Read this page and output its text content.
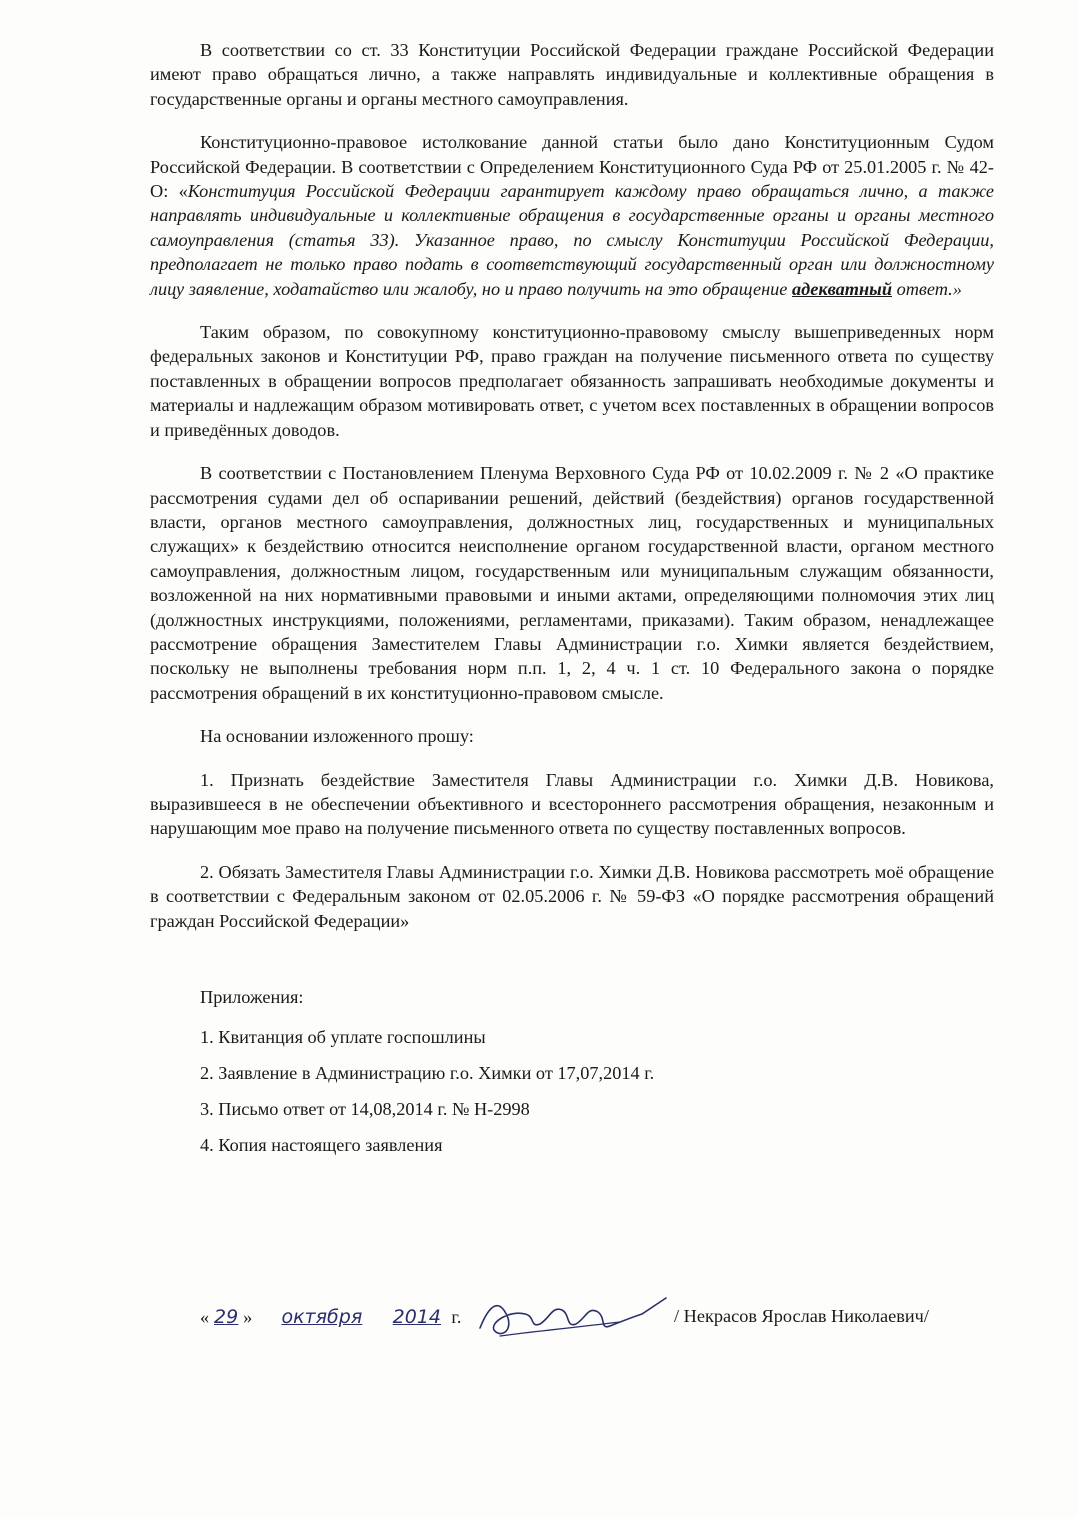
В соответствии со ст. 33 Конституции Российской Федерации граждане Российской Федерации имеют право обращаться лично, а также направлять индивидуальные и коллективные обращения в государственные органы и органы местного самоуправления.

Конституционно-правовое истолкование данной статьи было дано Конституционным Судом Российской Федерации. В соответствии с Определением Конституционного Суда РФ от 25.01.2005 г. № 42-О: «Конституция Российской Федерации гарантирует каждому право обращаться лично, а также направлять индивидуальные и коллективные обращения в государственные органы и органы местного самоуправления (статья 33). Указанное право, по смыслу Конституции Российской Федерации, предполагает не только право подать в соответствующий государственный орган или должностному лицу заявление, ходатайство или жалобу, но и право получить на это обращение адекватный ответ.»

Таким образом, по совокупному конституционно-правовому смыслу вышеприведенных норм федеральных законов и Конституции РФ, право граждан на получение письменного ответа по существу поставленных в обращении вопросов предполагает обязанность запрашивать необходимые документы и материалы и надлежащим образом мотивировать ответ, с учетом всех поставленных в обращении вопросов и приведённых доводов.

В соответствии с Постановлением Пленума Верховного Суда РФ от 10.02.2009 г. № 2 «О практике рассмотрения судами дел об оспаривании решений, действий (бездействия) органов государственной власти, органов местного самоуправления, должностных лиц, государственных и муниципальных служащих» к бездействию относится неисполнение органом государственной власти, органом местного самоуправления, должностным лицом, государственным или муниципальным служащим обязанности, возложенной на них нормативными правовыми и иными актами, определяющими полномочия этих лиц (должностных инструкциями, положениями, регламентами, приказами). Таким образом, ненадлежащее рассмотрение обращения Заместителем Главы Администрации г.о. Химки является бездействием, поскольку не выполнены требования норм п.п. 1, 2, 4 ч. 1 ст. 10 Федерального закона о порядке рассмотрения обращений в их конституционно-правовом смысле.

На основании изложенного прошу:

1. Признать бездействие Заместителя Главы Администрации г.о. Химки Д.В. Новикова, выразившееся в не обеспечении объективного и всестороннего рассмотрения обращения, незаконным и нарушающим мое право на получение письменного ответа по существу поставленных вопросов.

2. Обязать Заместителя Главы Администрации г.о. Химки Д.В. Новикова рассмотреть моё обращение в соответствии с Федеральным законом от 02.05.2006 г. № 59-ФЗ «О порядке рассмотрения обращений граждан Российской Федерации»

Приложения:

1. Квитанция об уплате госпошлины

2. Заявление в Администрацию г.о. Химки от 17,07,2014 г.

3. Письмо ответ от 14,08,2014 г. № Н-2998

4. Копия настоящего заявления

« 29 » октября 2014 г.	/ Некрасов Ярослав Николаевич/
